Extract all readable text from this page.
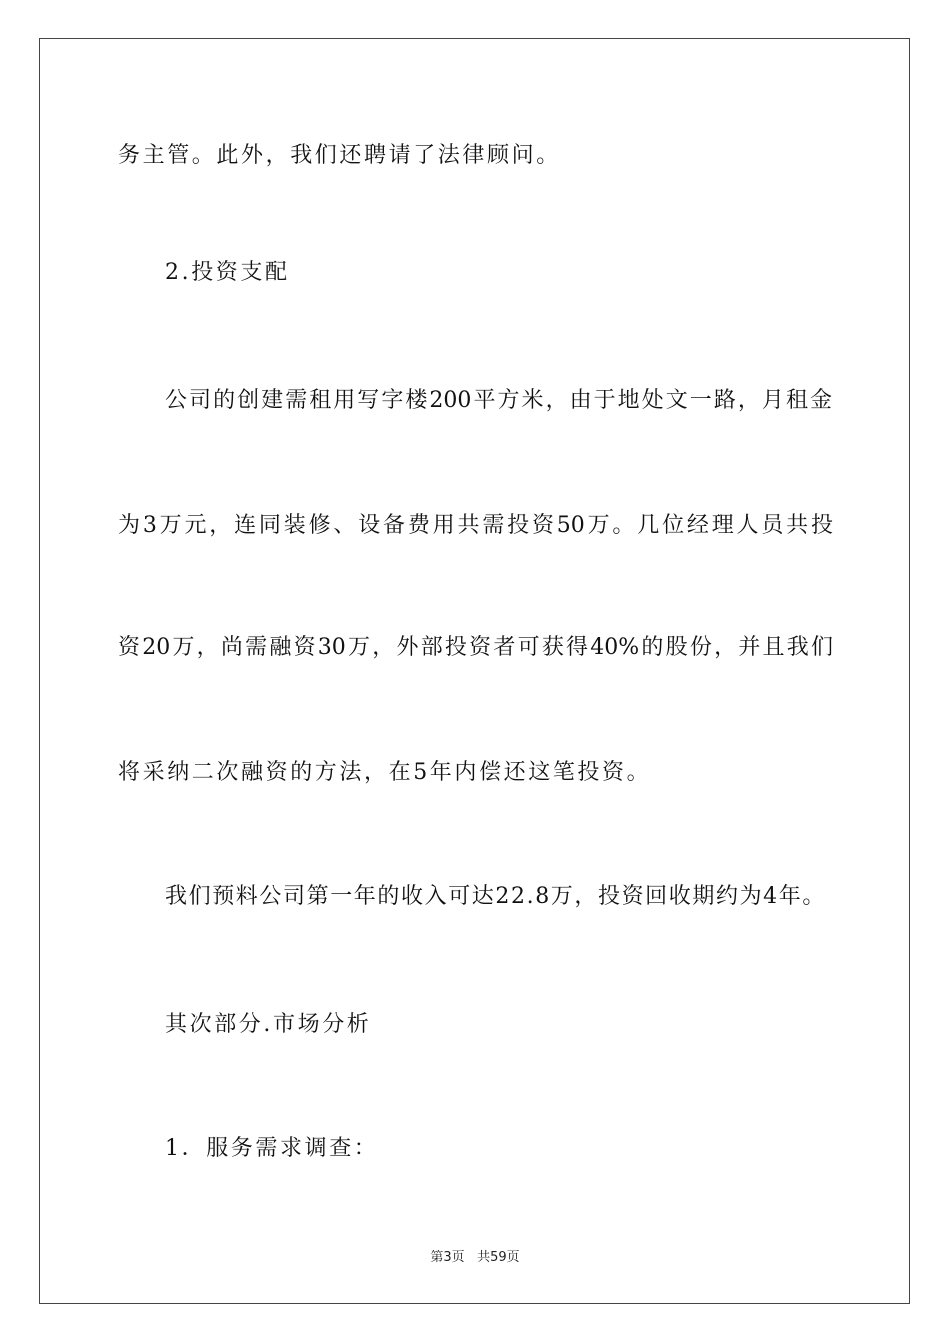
务主管。此外，我们还聘请了法律顾问。
2.投资支配
公司的创建需租用写字楼200平方米，由于地处文一路，月租金
为3万元，连同装修、设备费用共需投资50万。几位经理人员共投
资20万，尚需融资30万，外部投资者可获得40%的股份，并且我们
将采纳二次融资的方法，在5年内偿还这笔投资。
我们预料公司第一年的收入可达22.8万，投资回收期约为4年。
其次部分.市场分析
1．服务需求调查：
第3页 共59页
